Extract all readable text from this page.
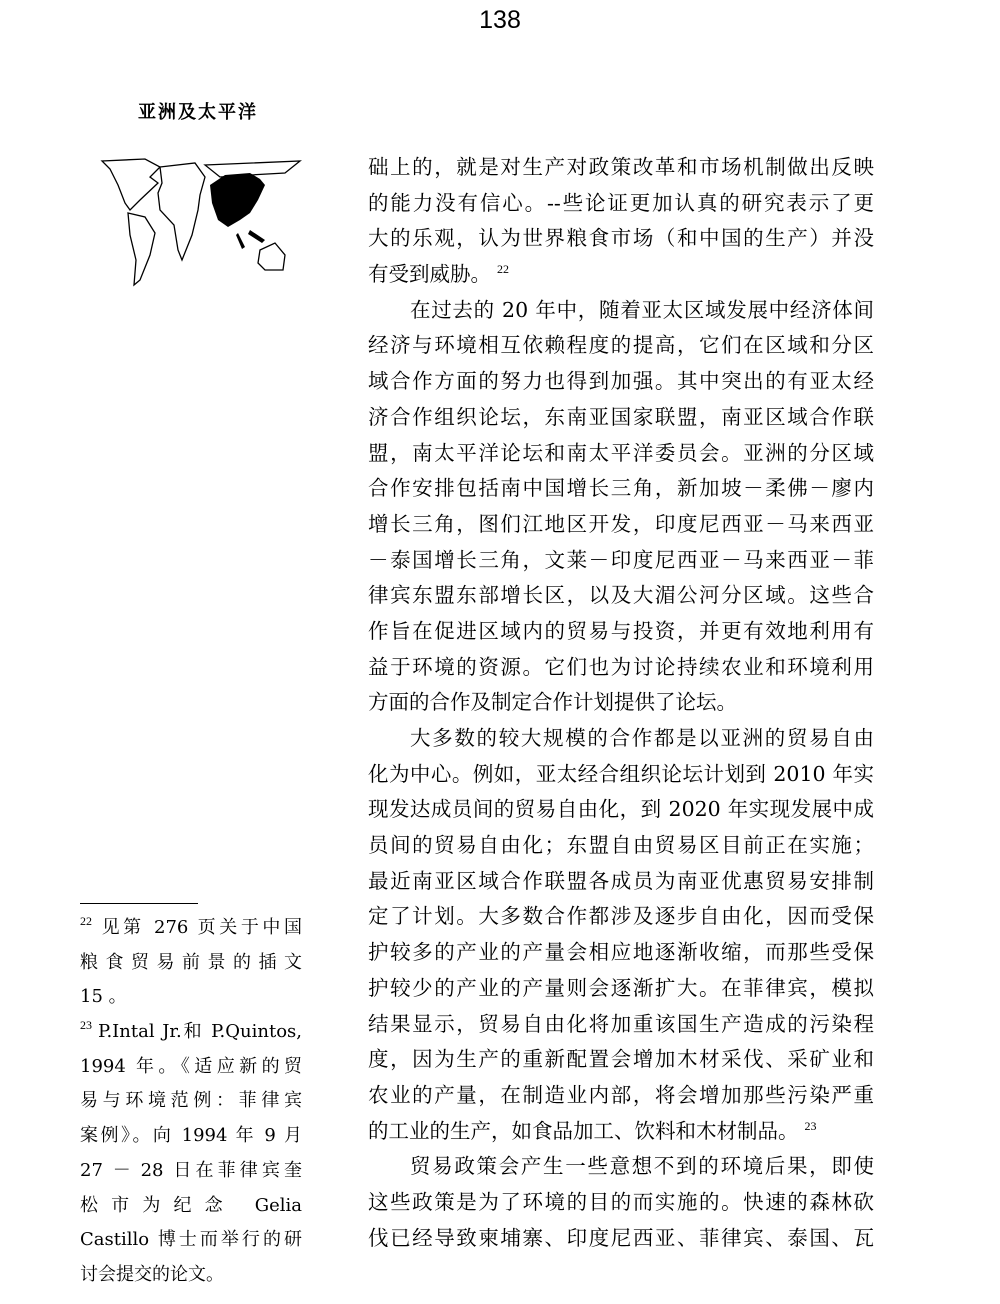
138
亚洲及太平洋
础上的，就是对生产对政策改革和市场机制做出反映
的能力没有信心。--些论证更加认真的研究表示了更
大的乐观，认为世界粮食市场（和中国的生产）并没
有受到威胁。 $^{22}$
在过去的 20 年中，随着亚太区域发展中经济体间
经济与环境相互依赖程度的提高，它们在区域和分区
域合作方面的努力也得到加强。其中突出的有亚太经
济合作组织论坛，东南亚国家联盟，南亚区域合作联
盟，南太平洋论坛和南太平洋委员会。亚洲的分区域
合作安排包括南中国增长三角，新加坡－柔佛－廖内
增长三角，图们江地区开发，印度尼西亚－马来西亚
－泰国增长三角，文莱－印度尼西亚－马来西亚－菲
律宾东盟东部增长区，以及大湄公河分区域。这些合
作旨在促进区域内的贸易与投资，并更有效地利用有
益于环境的资源。它们也为讨论持续农业和环境利用
方面的合作及制定合作计划提供了论坛。
大多数的较大规模的合作都是以亚洲的贸易自由
化为中心。例如，亚太经合组织论坛计划到 2010 年实
现发达成员间的贸易自由化，到 2020 年实现发展中成
员间的贸易自由化；东盟自由贸易区目前正在实施；
最近南亚区域合作联盟各成员为南亚优惠贸易安排制
定了计划。大多数合作都涉及逐步自由化，因而受保
护较多的产业的产量会相应地逐渐收缩，而那些受保
护较少的产业的产量则会逐渐扩大。在菲律宾，模拟
结果显示，贸易自由化将加重该国生产造成的污染程
度，因为生产的重新配置会增加木材采伐、采矿业和
农业的产量，在制造业内部，将会增加那些污染严重
的工业的生产，如食品加工、饮料和木材制品。 $^{23}$
贸易政策会产生一些意想不到的环境后果，即使
这些政策是为了环境的目的而实施的。快速的森林砍
伐已经导致柬埔寨、印度尼西亚、菲律宾、泰国、瓦
$^{22}$ 见第 276 页关于中国
粮食贸易前景的插文
15 。
$^{23}$ P.Intal Jr.和 P.Quintos,
1994 年。《适应新的贸
易与环境范例：菲律宾
案例》。向 1994 年 9 月
27 － 28 日在菲律宾奎
松市为纪念 Gelia
Castillo 博士而举行的研
讨会提交的论文。
